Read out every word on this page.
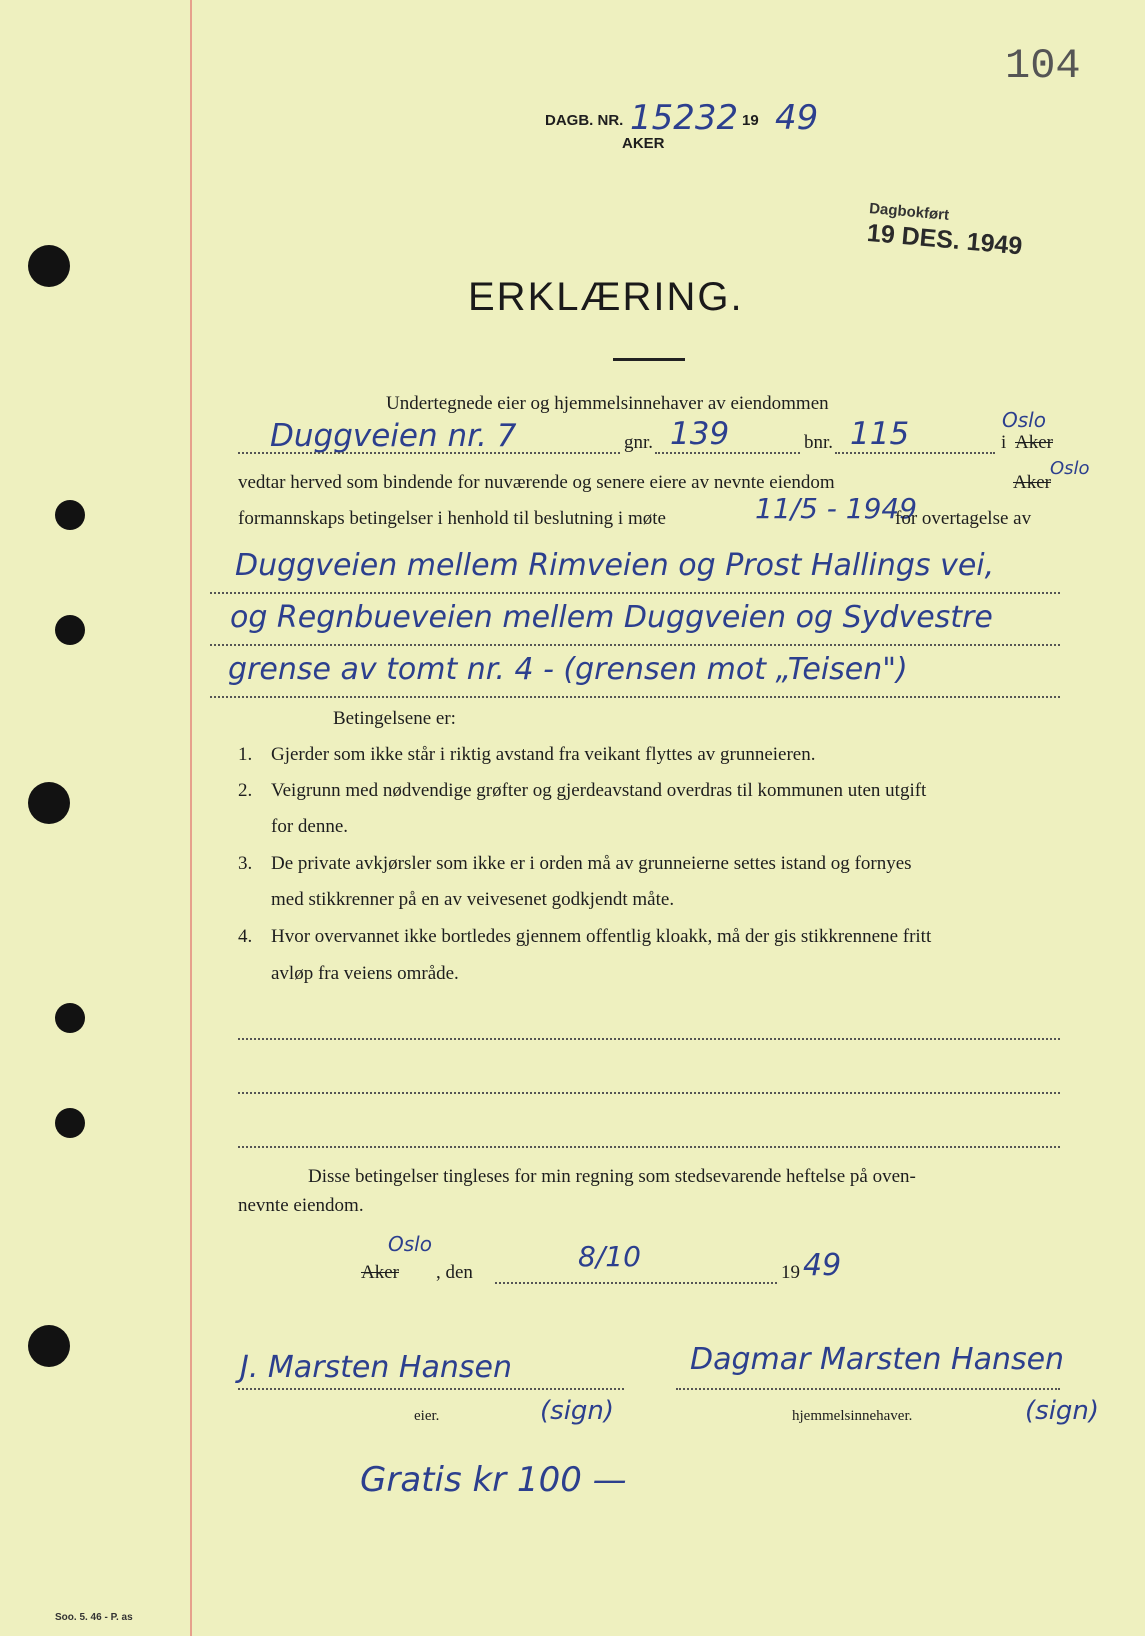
104
DAGB. NR. 15232 19 49
AKER
Dagbokført
19 DES. 1949
ERKLÆRING.
Undertegnede eier og hjemmelsinnehaver av eiendommen
Duggveien nr. 7	gnr. 139	bnr. 115	i Aker
Oslo
vedtar herved som bindende for nuværende og senere eiere av nevnte eiendom	Aker
Oslo
formannskaps betingelser i henhold til beslutning i møte	11/5 - 1949
for overtagelse av
Duggveien mellem Rimveien og Prost Hallings vei,
og Regnbueveien mellem Duggveien og Sydvestre
grense av tomt nr. 4 - (grensen mot „Teisen")
Betingelsene er:
1. Gjerder som ikke står i riktig avstand fra veikant flyttes av grunneieren.
2. Veigrunn med nødvendige grøfter og gjerdeavstand overdras til kommunen uten utgift
for denne.
3. De private avkjørsler som ikke er i orden må av grunneierne settes istand og fornyes
med stikkrenner på en av veivesenet godkjendt måte.
4. Hvor overvannet ikke bortledes gjennem offentlig kloakk, må der gis stikkrennene fritt
avløp fra veiens område.
Disse betingelser tingleses for min regning som stedsevarende heftelse på oven-
nevnte eiendom.
Oslo
Aker , den	8/10	19 49
J. Marsten Hansen
eier.	(sign)
Dagmar Marsten Hansen
hjemmelsinnehaver.	(sign)
Gratis kr 100 —
Soo. 5. 46 - P. as
